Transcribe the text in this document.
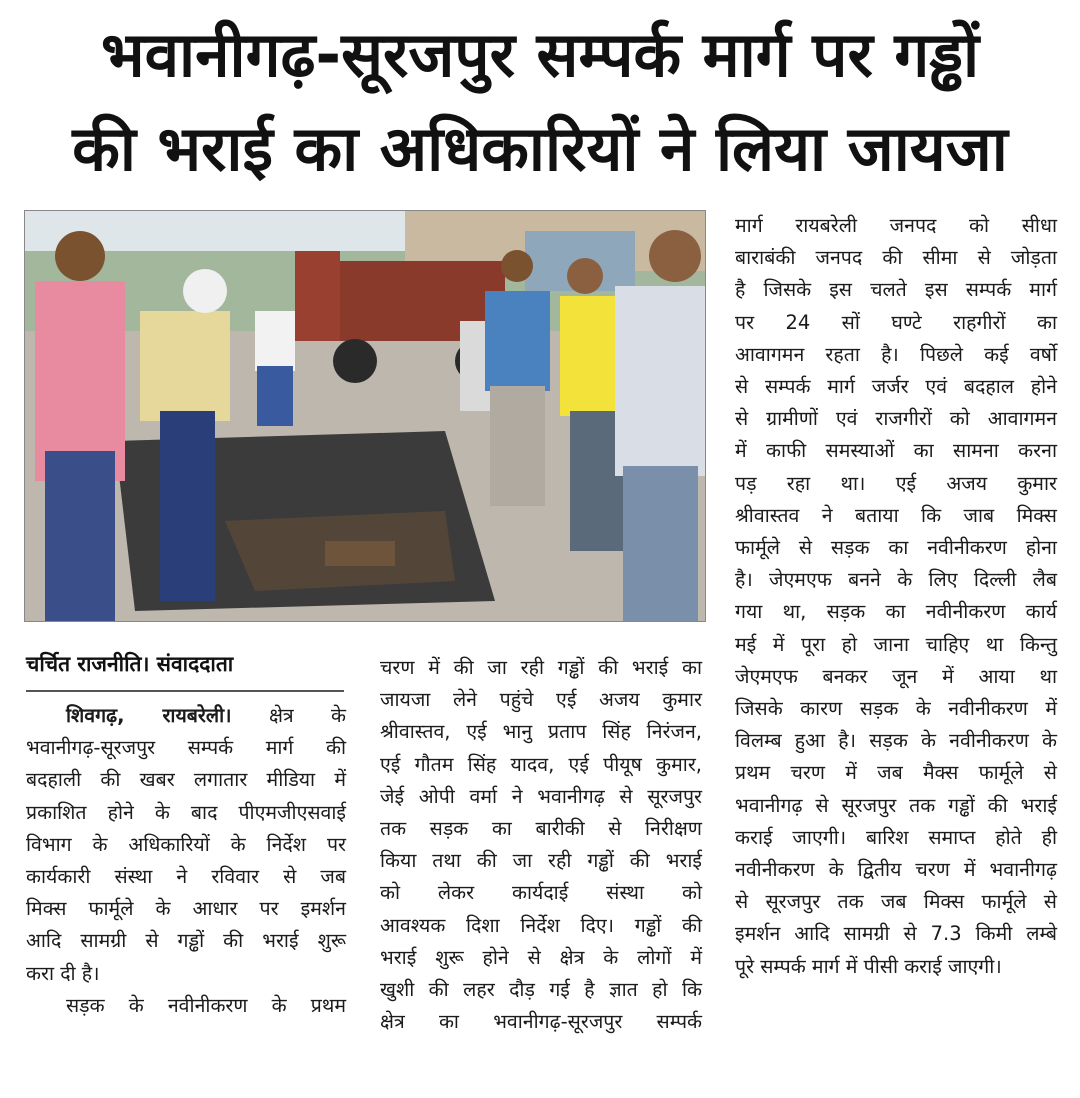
भवानीगढ़-सूरजपुर सम्पर्क मार्ग पर गड्ढों
की भराई का अधिकारियों ने लिया जायजा
चर्चित राजनीति। संवाददाता

शिवगढ़, रायबरेली। क्षेत्र के

भवानीगढ़-सूरजपुर सम्पर्क मार्ग की

बदहाली की खबर लगातार मीडिया में

प्रकाशित होने के बाद पीएमजीएसवाई

विभाग के अधिकारियों के निर्देश पर

कार्यकारी संस्था ने रविवार से जब

मिक्स फार्मूले के आधार पर इमर्शन

आदि सामग्री से गड्ढों की भराई शुरू

करा दी है।

सड़क के नवीनीकरण के प्रथम

चरण में की जा रही गड्ढों की भराई का

जायजा लेने पहुंचे एई अजय कुमार

श्रीवास्तव, एई भानु प्रताप सिंह निरंजन,

एई गौतम सिंह यादव, एई पीयूष कुमार,

जेई ओपी वर्मा ने भवानीगढ़ से सूरजपुर

तक सड़क का बारीकी से निरीक्षण

किया तथा की जा रही गड्ढों की भराई

को लेकर कार्यदाई संस्था को

आवश्यक दिशा निर्देश दिए। गड्ढों की

भराई शुरू होने से क्षेत्र के लोगों में

खुशी की लहर दौड़ गई है ज्ञात हो कि

क्षेत्र का भवानीगढ़-सूरजपुर सम्पर्क

मार्ग रायबरेली जनपद को सीधा

बाराबंकी जनपद की सीमा से जोड़ता

है जिसके इस चलते इस सम्पर्क मार्ग

पर 24 सों घण्टे राहगीरों का

आवागमन रहता है। पिछले कई वर्षो

से सम्पर्क मार्ग जर्जर एवं बदहाल होने

से ग्रामीणों एवं राजगीरों को आवागमन

में काफी समस्याओं का सामना करना

पड़ रहा था। एई अजय कुमार

श्रीवास्तव ने बताया कि जाब मिक्स

फार्मूले से सड़क का नवीनीकरण होना

है। जेएमएफ बनने के लिए दिल्ली लैब

गया था, सड़क का नवीनीकरण कार्य

मई में पूरा हो जाना चाहिए था किन्तु

जेएमएफ बनकर जून में आया था

जिसके कारण सड़क के नवीनीकरण में

विलम्ब हुआ है। सड़क के नवीनीकरण के

प्रथम चरण में जब मैक्स फार्मूले से

भवानीगढ़ से सूरजपुर तक गड्ढों की भराई

कराई जाएगी। बारिश समाप्त होते ही

नवीनीकरण के द्वितीय चरण में भवानीगढ़

से सूरजपुर तक जब मिक्स फार्मूले से

इमर्शन आदि सामग्री से 7.3 किमी लम्बे

पूरे सम्पर्क मार्ग में पीसी कराई जाएगी।
